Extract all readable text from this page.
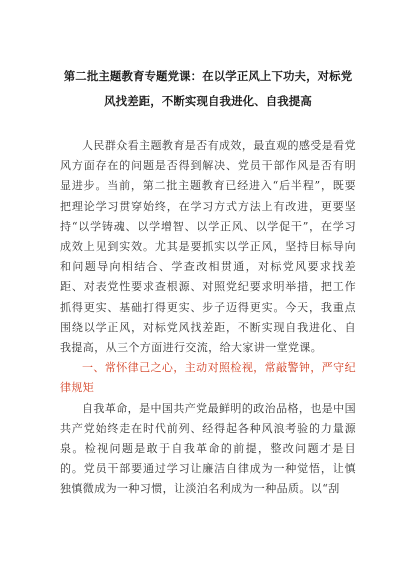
第二批主题教育专题党课：在以学正风上下功夫，对标党风找差距，不断实现自我进化、自我提高

人民群众看主题教育是否有成效，最直观的感受是看党风方面存在的问题是否得到解决、党员干部作风是否有明显进步。当前，第二批主题教育已经进入“后半程”，既要把理论学习贯穿始终，在学习方式方法上有改进，更要坚持“以学铸魂、以学增智、以学正风、以学促干”，在学习成效上见到实效。尤其是要抓实以学正风，坚持目标导向和问题导向相结合、学查改相贯通，对标党风要求找差距、对表党性要求查根源、对照党纪要求明举措，把工作抓得更实、基础打得更实、步子迈得更实。今天，我重点围绕以学正风，对标党风找差距，不断实现自我进化、自我提高，从三个方面进行交流，给大家讲一堂党课。

一、常怀律己之心，主动对照检视，常敲警钟，严守纪律规矩

自我革命，是中国共产党最鲜明的政治品格，也是中国共产党始终走在时代前列、经得起各种风浪考验的力量源泉。检视问题是敢于自我革命的前提，整改问题才是目的。党员干部要通过学习让廉洁自律成为一种觉悟，让慎独慎微成为一种习惯，让淡泊名利成为一种品质。以“刮
